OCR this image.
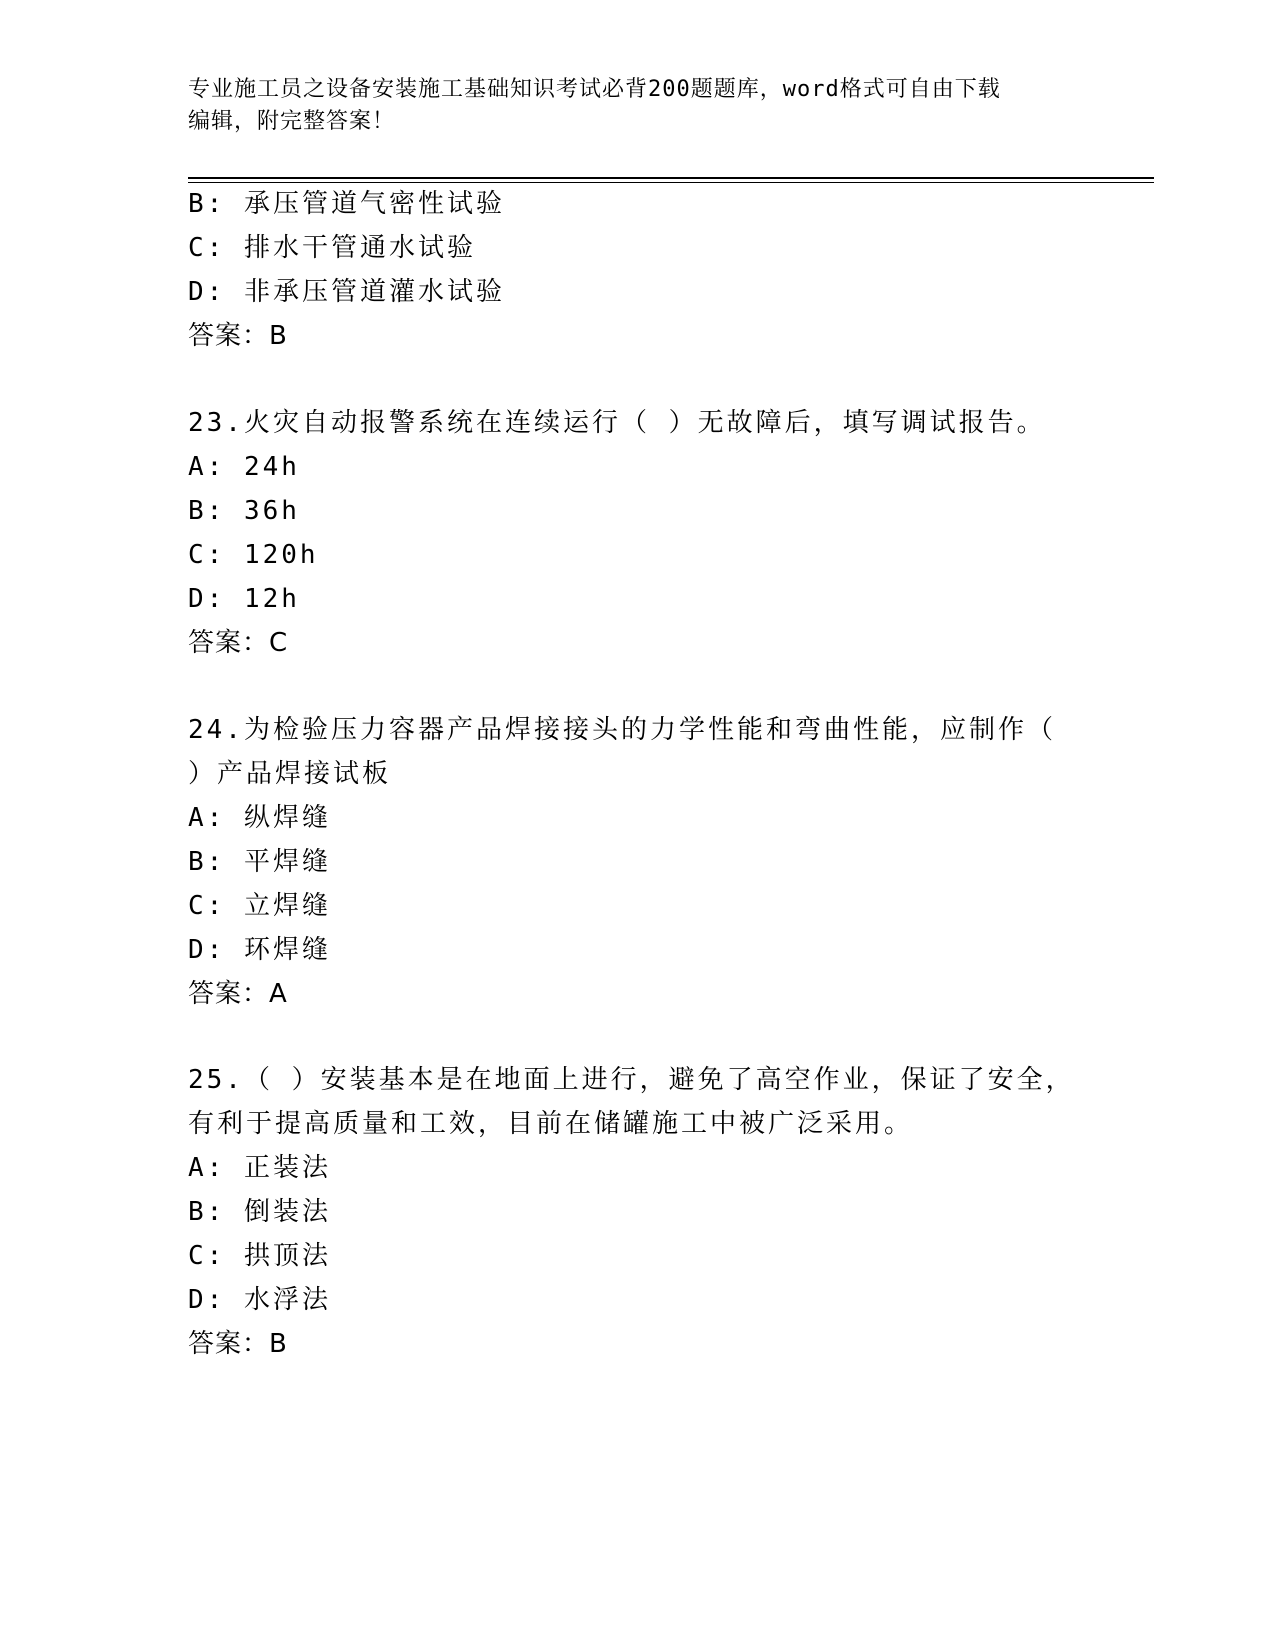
专业施工员之设备安装施工基础知识考试必背200题题库，word格式可自由下载
编辑，附完整答案！
B: 承压管道气密性试验
C: 排水干管通水试验
D: 非承压管道灌水试验
答案：B
23.火灾自动报警系统在连续运行（ ）无故障后，填写调试报告。
A: 24h
B: 36h
C: 120h
D: 12h
答案：C
24.为检验压力容器产品焊接接头的力学性能和弯曲性能，应制作（
）产品焊接试板
A: 纵焊缝
B: 平焊缝
C: 立焊缝
D: 环焊缝
答案：A
25.（ ）安装基本是在地面上进行，避免了高空作业，保证了安全，
有利于提高质量和工效，目前在储罐施工中被广泛采用。
A: 正装法
B: 倒装法
C: 拱顶法
D: 水浮法
答案：B
